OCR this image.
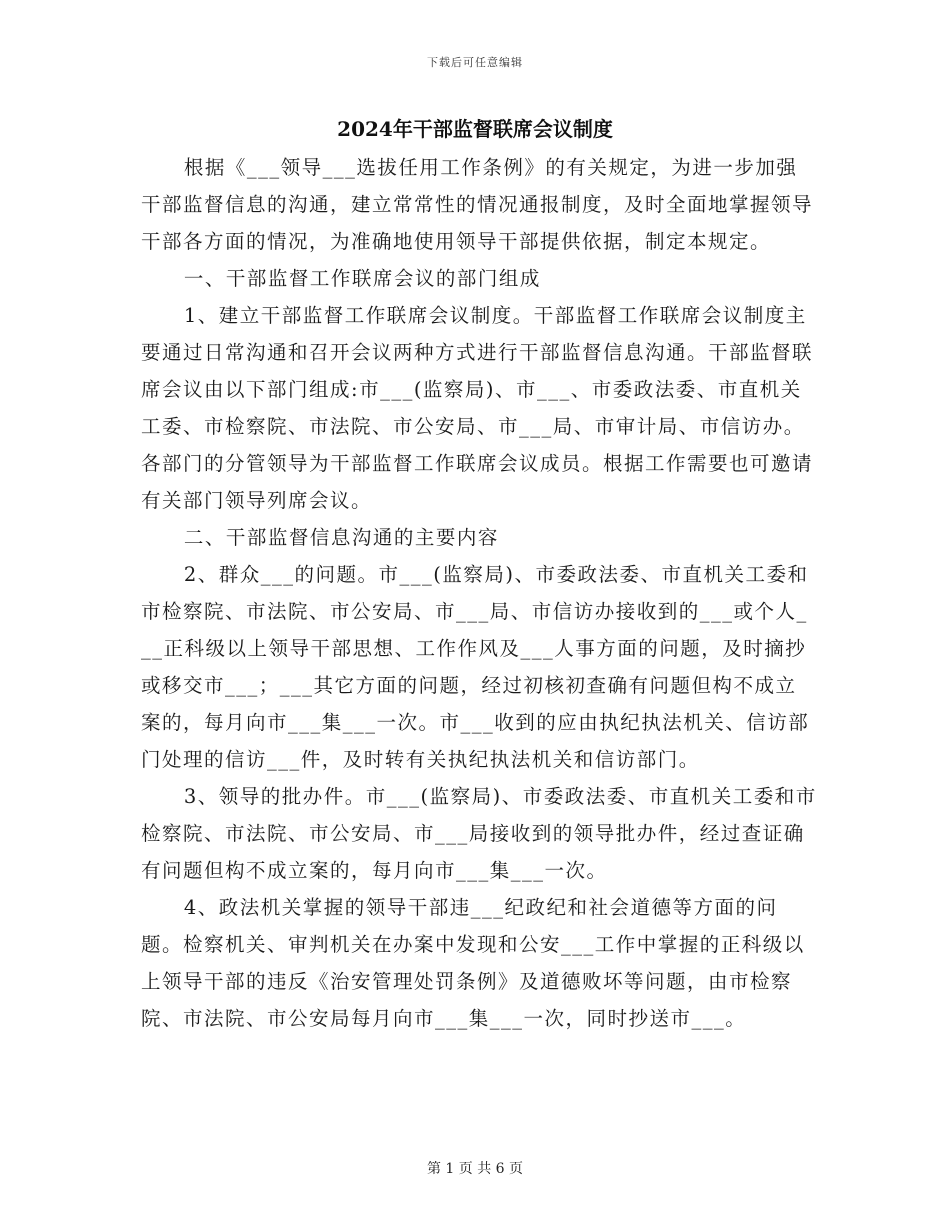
下载后可任意编辑
2024年干部监督联席会议制度

根据《___领导___选拔任用工作条例》的有关规定，为进一步加强干部监督信息的沟通，建立常常性的情况通报制度，及时全面地掌握领导干部各方面的情况，为准确地使用领导干部提供依据，制定本规定。

一、干部监督工作联席会议的部门组成

1、建立干部监督工作联席会议制度。干部监督工作联席会议制度主要通过日常沟通和召开会议两种方式进行干部监督信息沟通。干部监督联席会议由以下部门组成:市___(监察局)、市___、市委政法委、市直机关工委、市检察院、市法院、市公安局、市___局、市审计局、市信访办。各部门的分管领导为干部监督工作联席会议成员。根据工作需要也可邀请有关部门领导列席会议。

二、干部监督信息沟通的主要内容

2、群众___的问题。市___(监察局)、市委政法委、市直机关工委和市检察院、市法院、市公安局、市___局、市信访办接收到的___或个人___正科级以上领导干部思想、工作作风及___人事方面的问题，及时摘抄或移交市___；___其它方面的问题，经过初核初查确有问题但构不成立案的，每月向市___集___一次。市___收到的应由执纪执法机关、信访部门处理的信访___件，及时转有关执纪执法机关和信访部门。

3、领导的批办件。市___(监察局)、市委政法委、市直机关工委和市检察院、市法院、市公安局、市___局接收到的领导批办件，经过查证确有问题但构不成立案的，每月向市___集___一次。

4、政法机关掌握的领导干部违___纪政纪和社会道德等方面的问题。检察机关、审判机关在办案中发现和公安___工作中掌握的正科级以上领导干部的违反《治安管理处罚条例》及道德败坏等问题，由市检察院、市法院、市公安局每月向市___集___一次，同时抄送市___。

第 1 页 共 6 页
